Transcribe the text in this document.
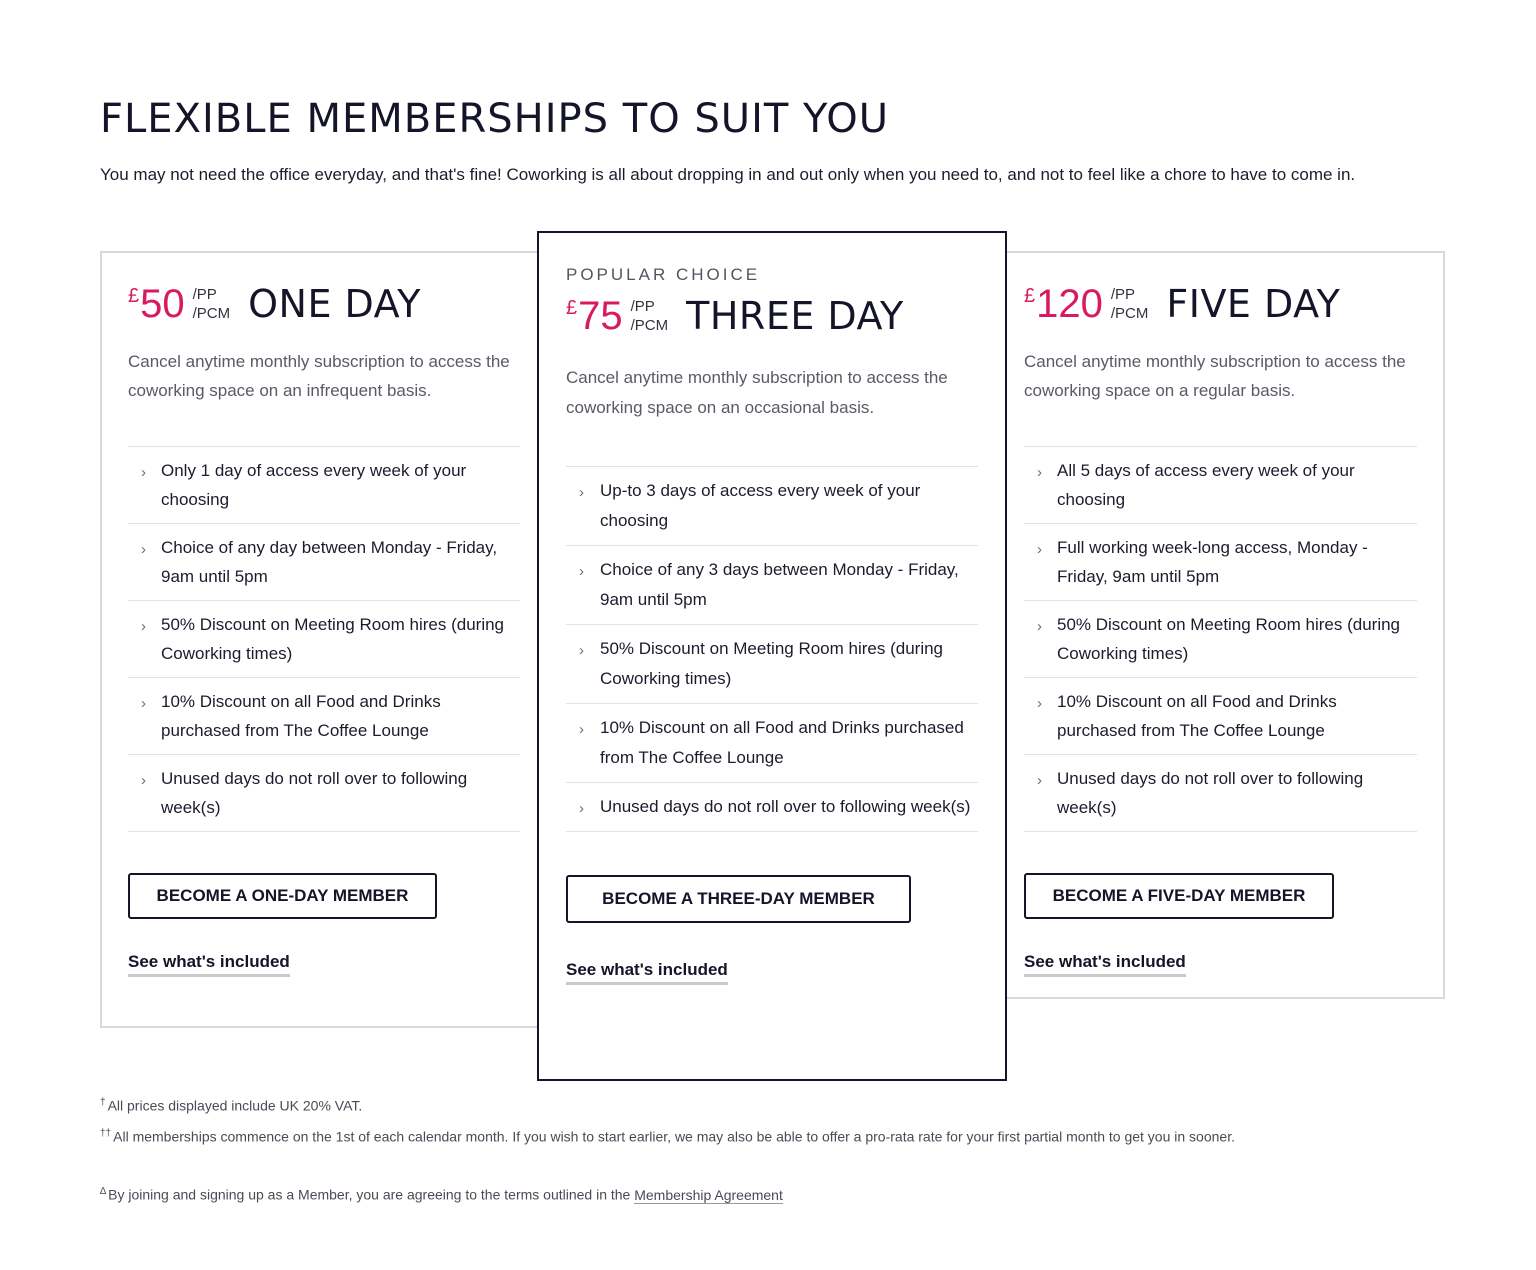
FLEXIBLE MEMBERSHIPS TO SUIT YOU

You may not need the office everyday, and that's fine! Coworking is all about dropping in and out only when you need to, and not to feel like a chore to have to come in.

£ 50 /PP
/PCM ONE DAY

Cancel anytime monthly subscription to access the coworking space on an infrequent basis.

› Only 1 day of access every week of your choosing
› Choice of any day between Monday - Friday, 9am until 5pm
› 50% Discount on Meeting Room hires (during Coworking times)
› 10% Discount on all Food and Drinks purchased from The Coffee Lounge
› Unused days do not roll over to following week(s)
BECOME A ONE-DAY MEMBER
See what's included
POPULAR CHOICE
£ 75 /PP
/PCM THREE DAY

Cancel anytime monthly subscription to access the coworking space on an occasional basis.

› Up-to 3 days of access every week of your choosing
› Choice of any 3 days between Monday - Friday, 9am until 5pm
› 50% Discount on Meeting Room hires (during Coworking times)
› 10% Discount on all Food and Drinks purchased from The Coffee Lounge
› Unused days do not roll over to following week(s)
BECOME A THREE-DAY MEMBER
See what's included
£ 120 /PP
/PCM FIVE DAY

Cancel anytime monthly subscription to access the coworking space on a regular basis.

› All 5 days of access every week of your choosing
› Full working week-long access, Monday - Friday, 9am until 5pm
› 50% Discount on Meeting Room hires (during Coworking times)
› 10% Discount on all Food and Drinks purchased from The Coffee Lounge
› Unused days do not roll over to following week(s)
BECOME A FIVE-DAY MEMBER
See what's included
† All prices displayed include UK 20% VAT.
†† All memberships commence on the 1st of each calendar month. If you wish to start earlier, we may also be able to offer a pro-rata rate for your first partial month to get you in sooner.
∆ By joining and signing up as a Member, you are agreeing to the terms outlined in the Membership Agreement
